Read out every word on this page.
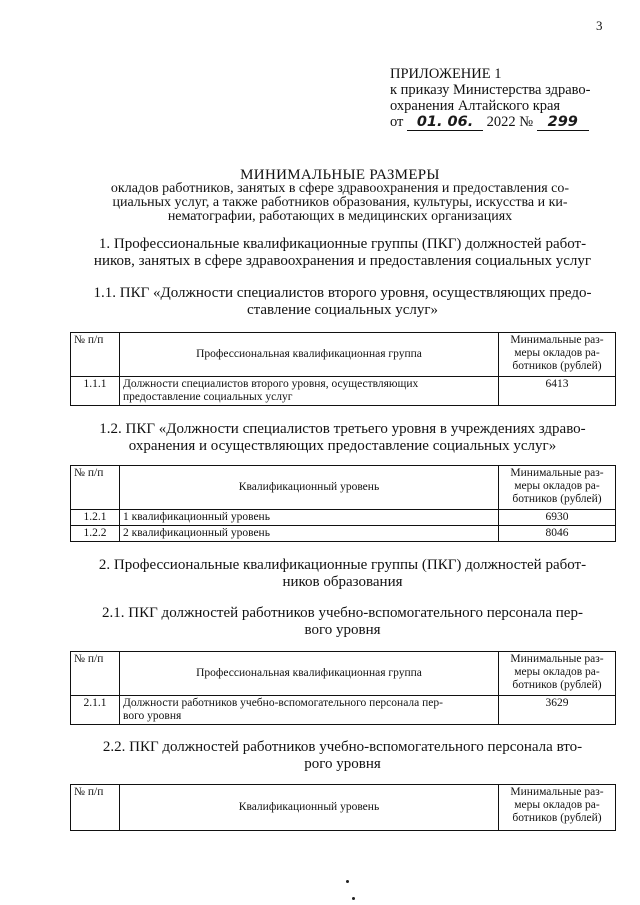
3
ПРИЛОЖЕНИЕ 1
к приказу Министерства здраво-
охранения Алтайского края
от 01. 06. 2022 № 299
МИНИМАЛЬНЫЕ РАЗМЕРЫ
окладов работников, занятых в сфере здравоохранения и предоставления со-
циальных услуг, а также работников образования, культуры, искусства и ки-
нематографии, работающих в медицинских организациях
1. Профессиональные квалификационные группы (ПКГ) должностей работ-
ников, занятых в сфере здравоохранения и предоставления социальных услуг
1.1. ПКГ «Должности специалистов второго уровня, осуществляющих предо-
ставление социальных услуг»
№ п/п	Профессиональная квалификационная группа	Минимальные раз-
меры окладов ра-
ботников (рублей)

1.1.1	Должности специалистов второго уровня, осуществляющих
предоставление социальных услуг	6413
1.2. ПКГ «Должности специалистов третьего уровня в учреждениях здраво-
охранения и осуществляющих предоставление социальных услуг»
№ п/п	Квалификационный уровень	Минимальные раз-
меры окладов ра-
ботников (рублей)

1.2.1	1 квалификационный уровень	6930
1.2.2	2 квалификационный уровень	8046
2. Профессиональные квалификационные группы (ПКГ) должностей работ-
ников образования
2.1. ПКГ должностей работников учебно-вспомогательного персонала пер-
вого уровня
№ п/п	Профессиональная квалификационная группа	Минимальные раз-
меры окладов ра-
ботников (рублей)

2.1.1	Должности работников учебно-вспомогательного персонала пер-
вого уровня	3629
2.2. ПКГ должностей работников учебно-вспомогательного персонала вто-
рого уровня
№ п/п	Квалификационный уровень	
Минимальные раз-
меры окладов ра-
ботников (рублей)
